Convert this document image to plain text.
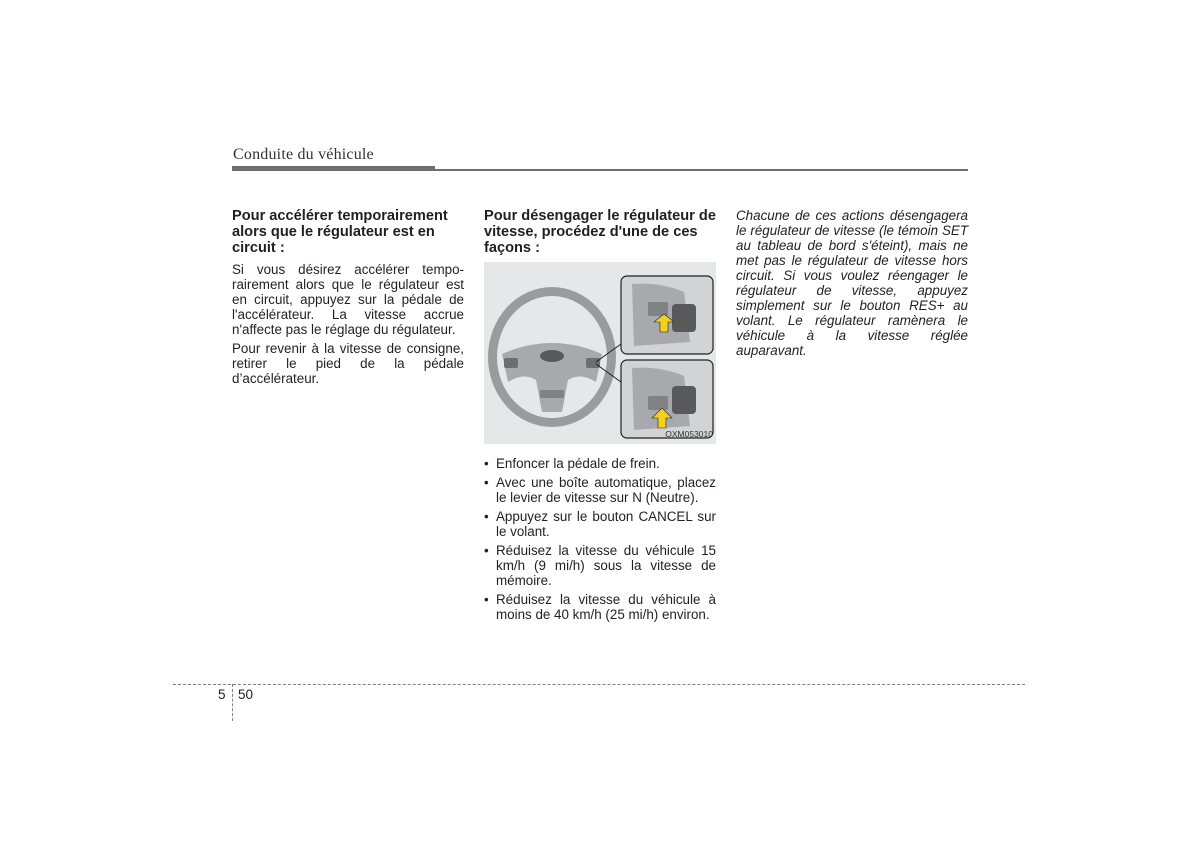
Conduite du véhicule
Pour accélérer temporairement alors que le régulateur est en circuit :

Si vous désirez accélérer temporairement alors que le régulateur est en circuit, appuyez sur la pédale de l'accélérateur. La vitesse accrue n'affecte pas le réglage du régulateur.

Pour revenir à la vitesse de consigne, retirer le pied de la pédale d’accélérateur.

Pour désengager le régulateur de vitesse, procédez d'une de ces façons :
OXM053010
• Enfoncer la pédale de frein.
• Avec une boîte automatique, placez le levier de vitesse sur N (Neutre).
• Appuyez sur le bouton CANCEL sur le volant.
• Réduisez la vitesse du véhicule 15 km/h (9 mi/h) sous la vitesse de mémoire.
• Réduisez la vitesse du véhicule à moins de 40 km/h (25 mi/h) environ.

Chacune de ces actions désengagera le régulateur de vitesse (le témoin SET au tableau de bord s'éteint), mais ne met pas le régulateur de vitesse hors circuit. Si vous voulez réengager le régulateur de vitesse, appuyez simplement sur le bouton RES+ au volant. Le régulateur ramènera le véhicule à la vitesse réglée auparavant.

5 50
